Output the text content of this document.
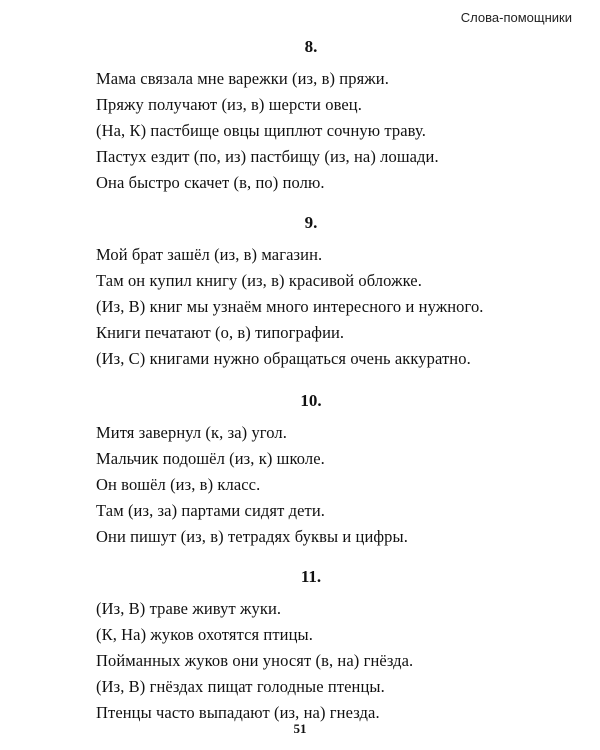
Слова-помощники
8.
Мама связала мне варежки (из, в) пряжи.
Пряжу получают (из, в) шерсти овец.
(На, К) пастбище овцы щиплют сочную траву.
Пастух ездит (по, из) пастбищу (из, на) лошади.
Она быстро скачет (в, по) полю.
9.
Мой брат зашёл (из, в) магазин.
Там он купил книгу (из, в) красивой обложке.
(Из, В) книг мы узнаём много интересного и нужного.
Книги печатают (о, в) типографии.
(Из, С) книгами нужно обращаться очень аккуратно.
10.
Митя завернул (к, за) угол.
Мальчик подошёл (из, к) школе.
Он вошёл (из, в) класс.
Там (из, за) партами сидят дети.
Они пишут (из, в) тетрадях буквы и цифры.
11.
(Из, В) траве живут жуки.
(К, На) жуков охотятся птицы.
Пойманных жуков они уносят (в, на) гнёзда.
(Из, В) гнёздах пищат голодные птенцы.
Птенцы часто выпадают (из, на) гнезда.
51
